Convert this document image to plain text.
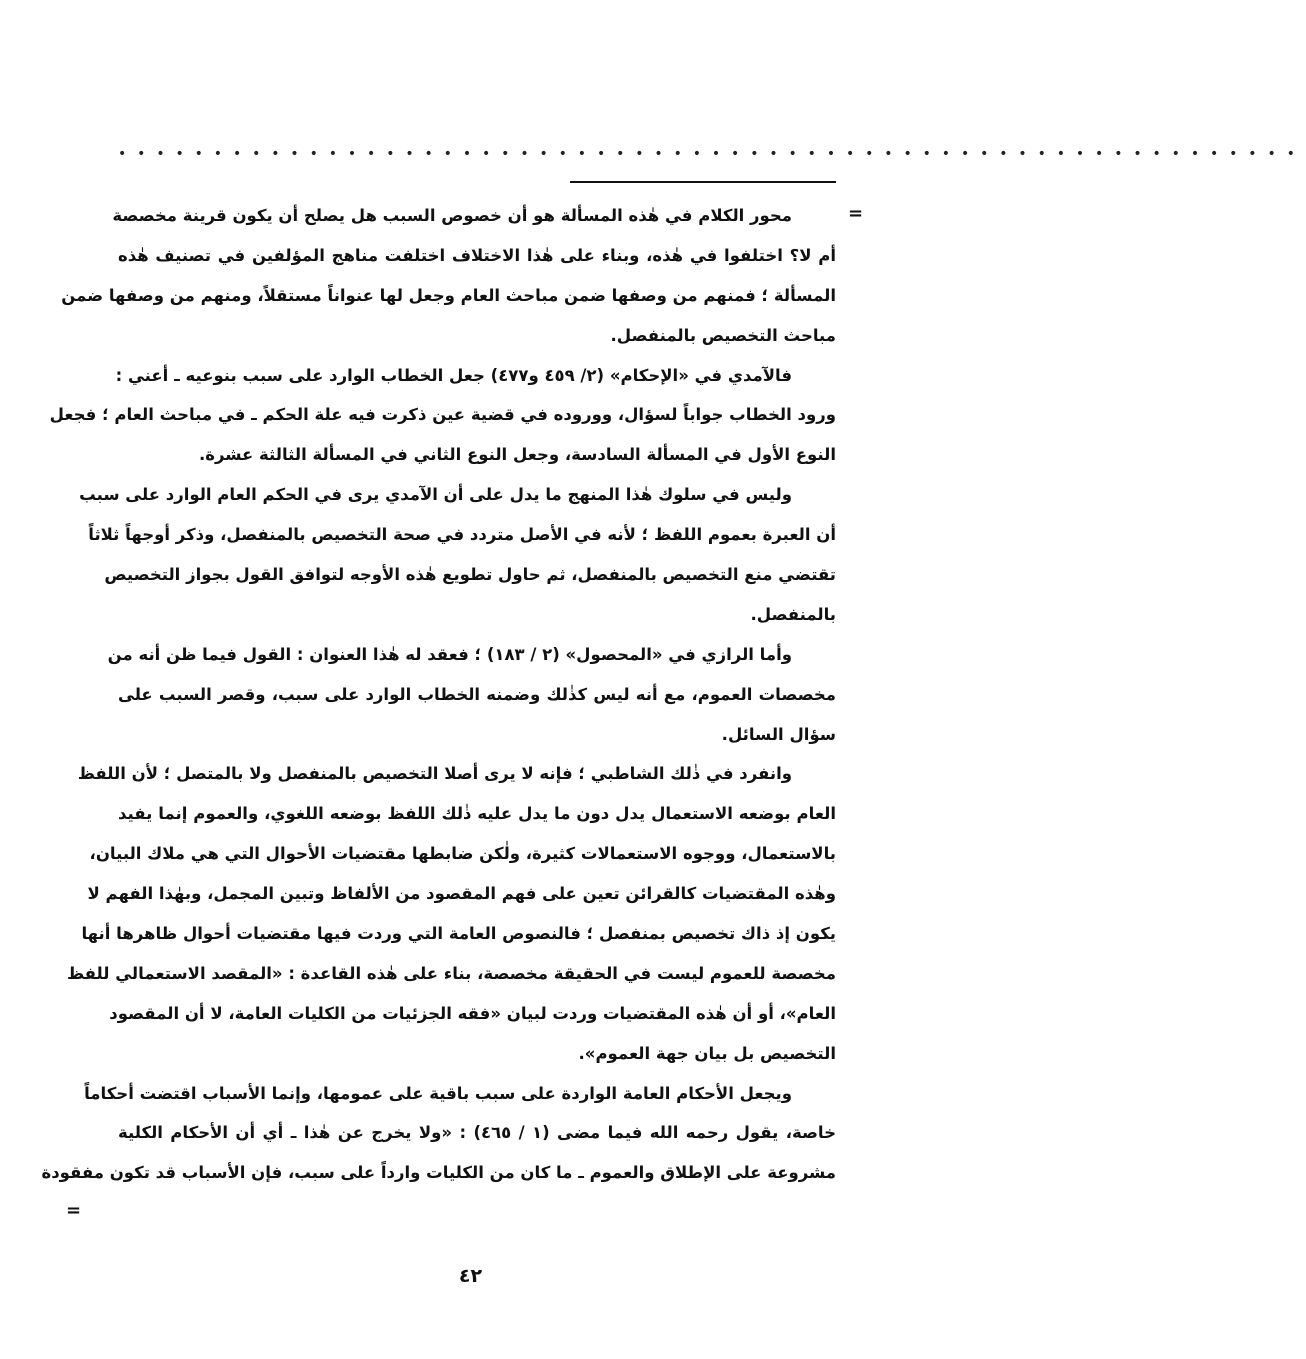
••••••••••••••••••••••••••••••••••••••••••••••••••••••••••••••
=
محور الكلام في هٰذه المسألة هو أن خصوص السبب هل يصلح أن يكون قرينة مخصصة
أم لا؟ اختلفوا في هٰذه، وبناء على هٰذا الاختلاف اختلفت مناهج المؤلفين في تصنيف هٰذه
المسألة ؛ فمنهم من وصفها ضمن مباحث العام وجعل لها عنواناً مستقلاً، ومنهم من وصفها ضمن
مباحث التخصيص بالمنفصل.
فالآمدي في «الإحكام» (٢/ ٤٥٩ و٤٧٧) جعل الخطاب الوارد على سبب بنوعيه ـ أعني :
ورود الخطاب جواباً لسؤال، ووروده في قضية عين ذكرت فيه علة الحكم ـ في مباحث العام ؛ فجعل
النوع الأول في المسألة السادسة، وجعل النوع الثاني في المسألة الثالثة عشرة.
وليس في سلوك هٰذا المنهج ما يدل على أن الآمدي يرى في الحكم العام الوارد على سبب
أن العبرة بعموم اللفظ ؛ لأنه في الأصل متردد في صحة التخصيص بالمنفصل، وذكر أوجهاً ثلاثاً
تقتضي منع التخصيص بالمنفصل، ثم حاول تطويع هٰذه الأوجه لتوافق القول بجواز التخصيص
بالمنفصل.
وأما الرازي في «المحصول» (٢ / ١٨٣) ؛ فعقد له هٰذا العنوان : القول فيما ظن أنه من
مخصصات العموم، مع أنه ليس كذٰلك وضمنه الخطاب الوارد على سبب، وقصر السبب على
سؤال السائل.
وانفرد في ذٰلك الشاطبي ؛ فإنه لا يرى أصلا التخصيص بالمنفصل ولا بالمتصل ؛ لأن اللفظ
العام بوضعه الاستعمال يدل دون ما يدل عليه ذٰلك اللفظ بوضعه اللغوي، والعموم إنما يفيد
بالاستعمال، ووجوه الاستعمالات كثيرة، ولٰكن ضابطها مقتضيات الأحوال التي هي ملاك البيان،
وهٰذه المقتضيات كالقرائن تعين على فهم المقصود من الألفاظ وتبين المجمل، وبهٰذا الفهم لا
يكون إذ ذاك تخصيص بمنفصل ؛ فالنصوص العامة التي وردت فيها مقتضيات أحوال ظاهرها أنها
مخصصة للعموم ليست في الحقيقة مخصصة، بناء على هٰذه القاعدة : «المقصد الاستعمالي للفظ
العام»، أو أن هٰذه المقتضيات وردت لبيان «فقه الجزئيات من الكليات العامة، لا أن المقصود
التخصيص بل بيان جهة العموم».
ويجعل الأحكام العامة الواردة على سبب باقية على عمومها، وإنما الأسباب اقتضت أحكاماً
خاصة، يقول رحمه الله فيما مضى (١ / ٤٦٥) : «ولا يخرج عن هٰذا ـ أي أن الأحكام الكلية
مشروعة على الإطلاق والعموم ـ ما كان من الكليات وارداً على سبب، فإن الأسباب قد تكون مفقودة
=
٤٢
